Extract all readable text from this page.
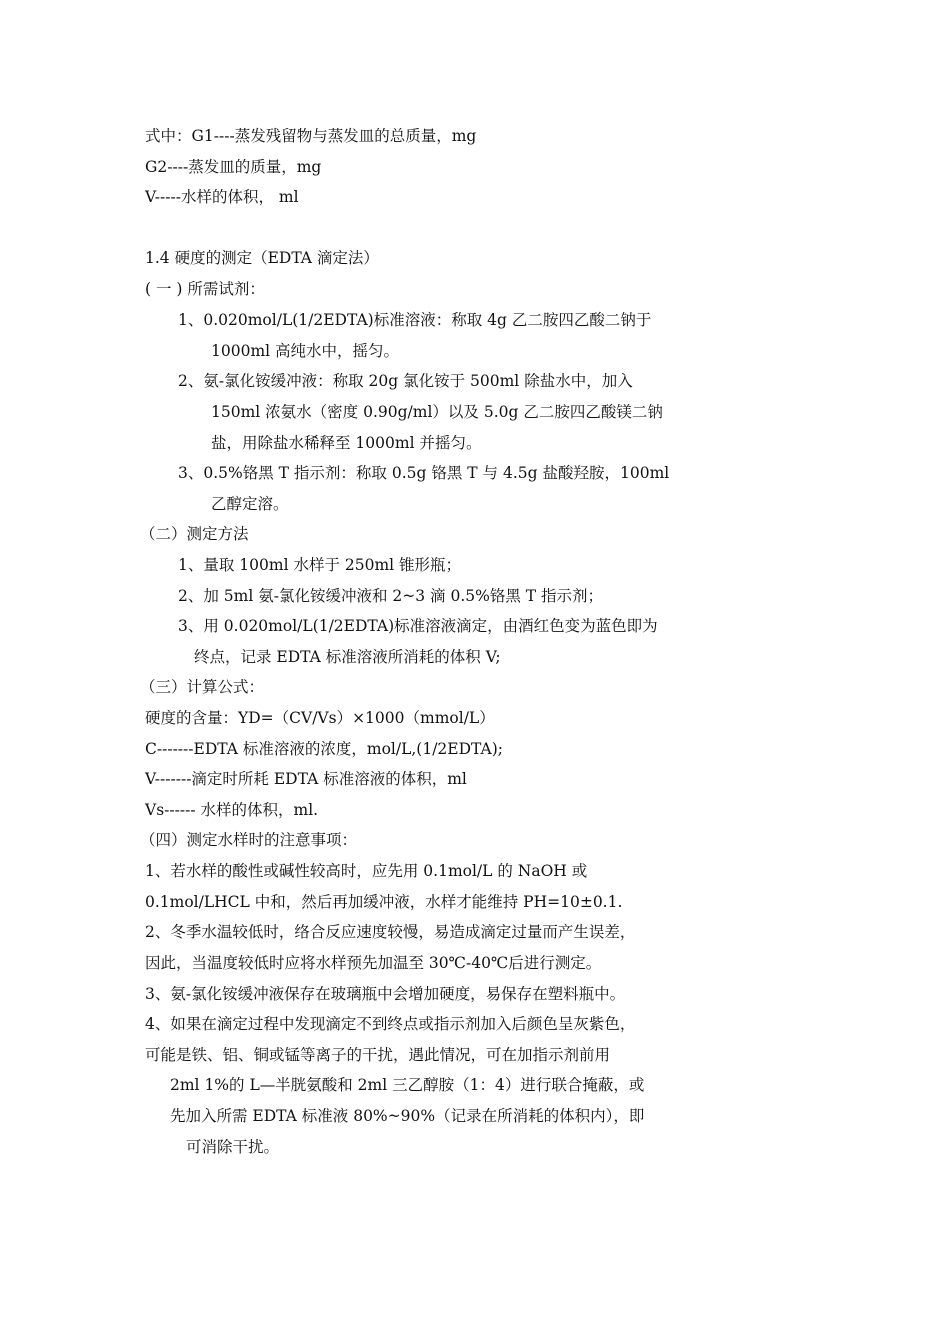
式中：G1----蒸发残留物与蒸发皿的总质量，mg
G2----蒸发皿的质量，mg
V-----水样的体积， ml
1.4 硬度的测定（EDTA 滴定法）
( 一 ) 所需试剂：
1、0.020mol/L(1/2EDTA)标准溶液：称取 4g 乙二胺四乙酸二钠于
1000ml 高纯水中，摇匀。
2、氨-氯化铵缓冲液：称取 20g 氯化铵于 500ml 除盐水中，加入
150ml 浓氨水（密度 0.90g/ml）以及 5.0g 乙二胺四乙酸镁二钠
盐，用除盐水稀释至 1000ml 并摇匀。
3、0.5%铬黑 T 指示剂：称取 0.5g 铬黑 T 与 4.5g 盐酸羟胺，100ml
乙醇定溶。
（二）测定方法
1、量取 100ml 水样于 250ml 锥形瓶；
2、加 5ml 氨-氯化铵缓冲液和 2~3 滴 0.5%铬黑 T 指示剂；
3、用 0.020mol/L(1/2EDTA)标准溶液滴定，由酒红色变为蓝色即为
终点，记录 EDTA 标准溶液所消耗的体积 V;
（三）计算公式：
硬度的含量：YD=（CV/Vs）×1000（mmol/L）
C-------EDTA 标准溶液的浓度，mol/L,(1/2EDTA);
V-------滴定时所耗 EDTA 标准溶液的体积，ml
Vs------ 水样的体积，ml.
（四）测定水样时的注意事项：
1、若水样的酸性或碱性较高时，应先用 0.1mol/L 的 NaOH 或
0.1mol/LHCL 中和，然后再加缓冲液，水样才能维持 PH=10±0.1.
2、冬季水温较低时，络合反应速度较慢，易造成滴定过量而产生误差，
因此，当温度较低时应将水样预先加温至 30℃-40℃后进行测定。
3、氨-氯化铵缓冲液保存在玻璃瓶中会增加硬度，易保存在塑料瓶中。
4、如果在滴定过程中发现滴定不到终点或指示剂加入后颜色呈灰紫色，
可能是铁、铝、铜或锰等离子的干扰，遇此情况，可在加指示剂前用
2ml 1%的 L—半胱氨酸和 2ml 三乙醇胺（1：4）进行联合掩蔽，或
先加入所需 EDTA 标准液 80%~90%（记录在所消耗的体积内），即
可消除干扰。
